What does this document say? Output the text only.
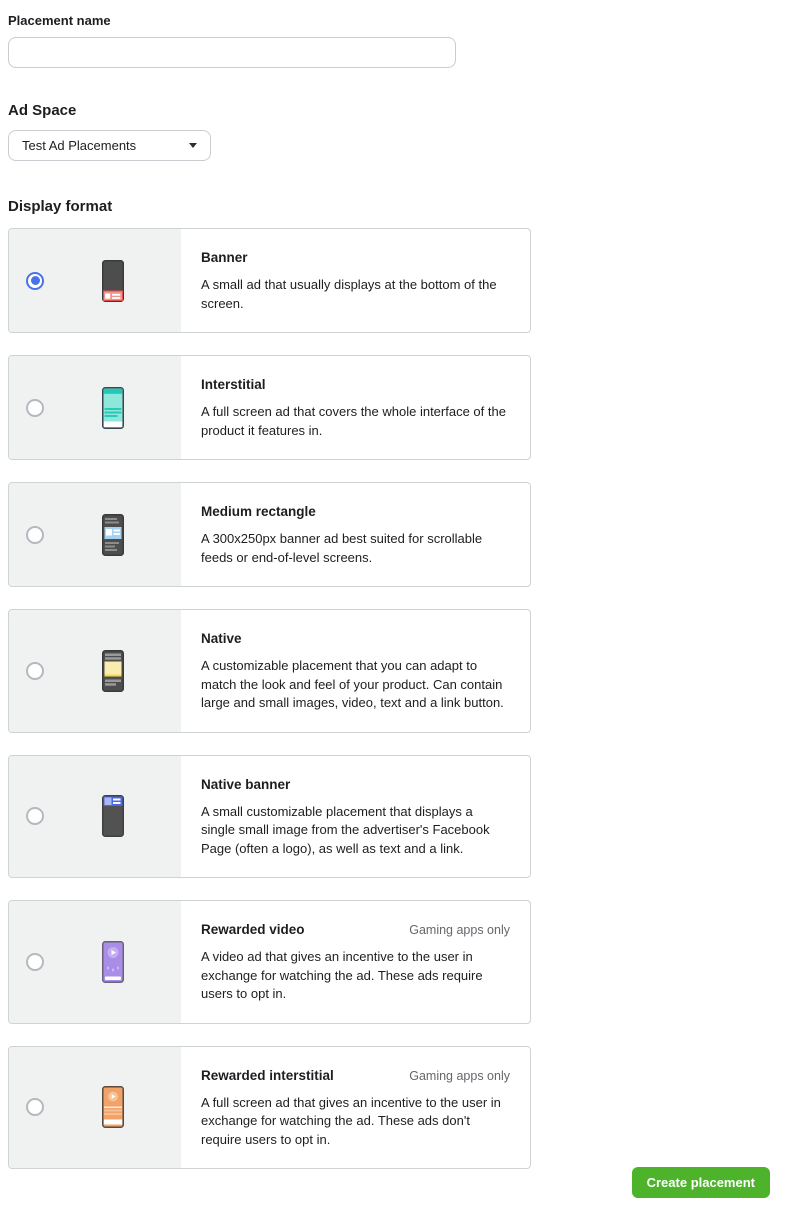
Placement name
Ad Space
Test Ad Placements
Display format
Banner
A small ad that usually displays at the bottom of the screen.
Interstitial
A full screen ad that covers the whole interface of the product it features in.
Medium rectangle
A 300x250px banner ad best suited for scrollable feeds or end-of-level screens.
Native
A customizable placement that you can adapt to match the look and feel of your product. Can contain large and small images, video, text and a link button.
Native banner
A small customizable placement that displays a single small image from the advertiser's Facebook Page (often a logo), as well as text and a link.
Rewarded video	Gaming apps only
A video ad that gives an incentive to the user in exchange for watching the ad. These ads require users to opt in.
Rewarded interstitial	Gaming apps only
A full screen ad that gives an incentive to the user in exchange for watching the ad. These ads don't require users to opt in.
Create placement
